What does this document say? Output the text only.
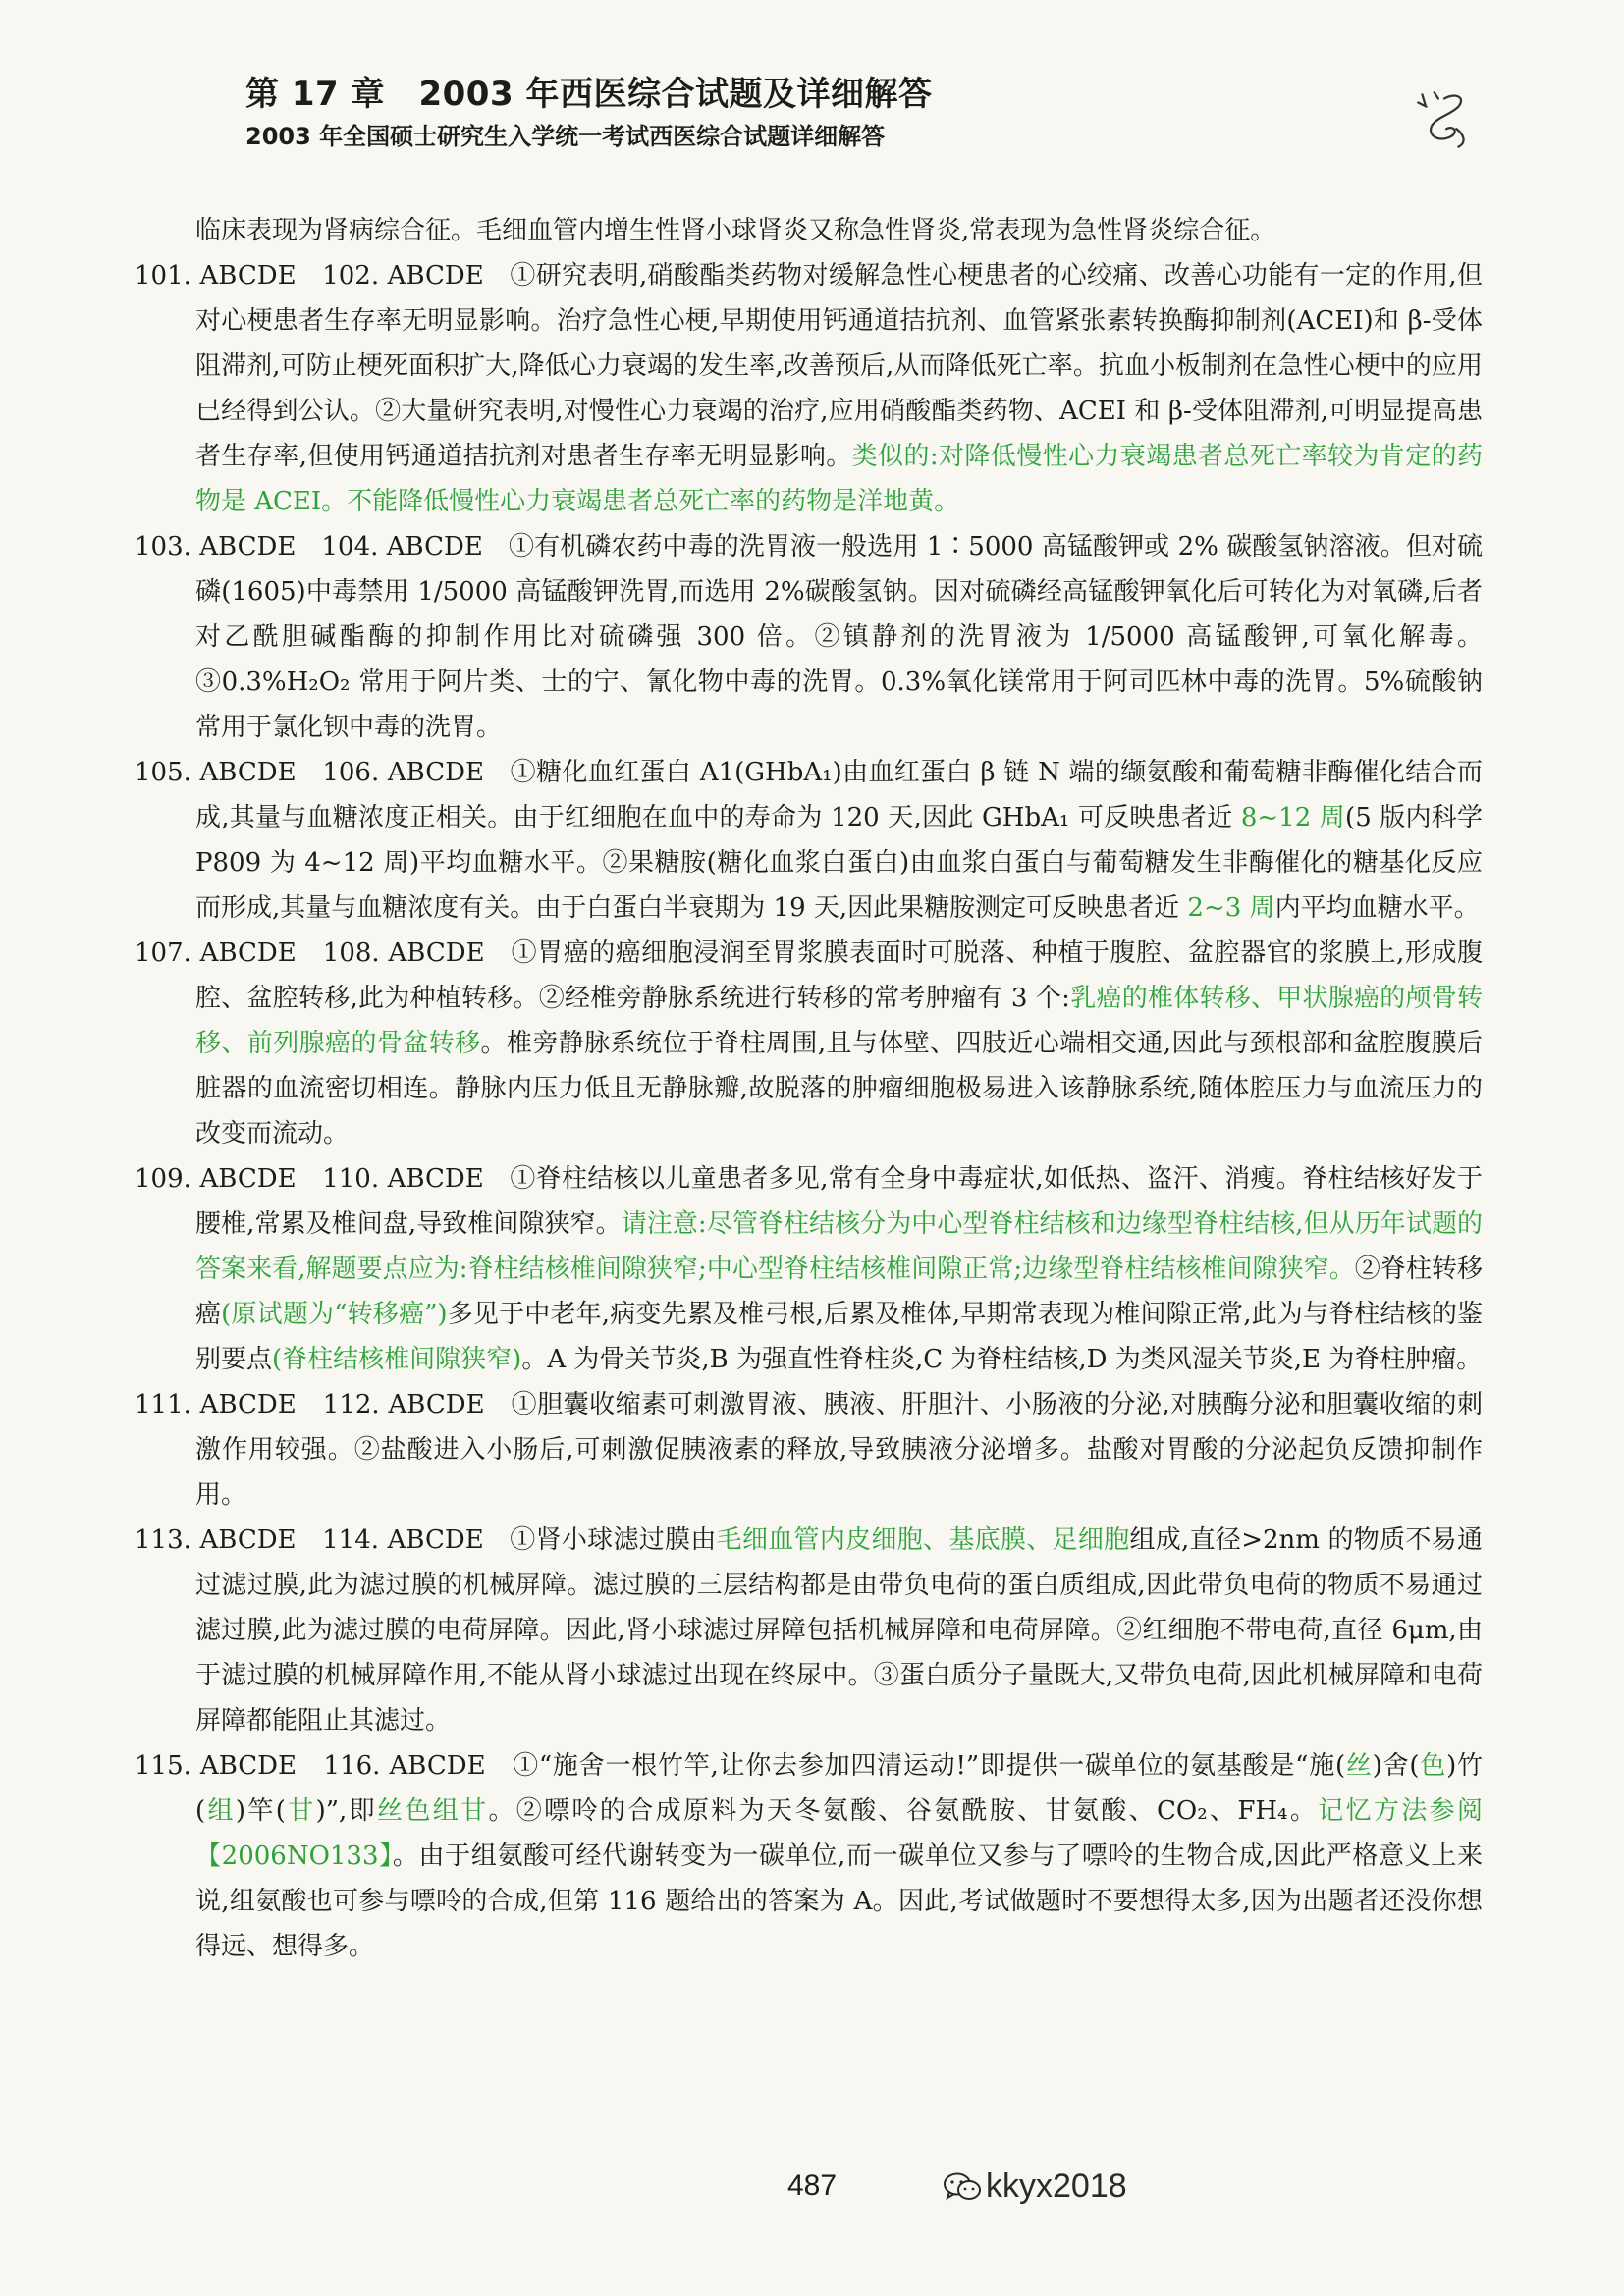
第 17 章　2003 年西医综合试题及详细解答
2003 年全国硕士研究生入学统一考试西医综合试题详细解答

临床表现为肾病综合征。毛细血管内增生性肾小球肾炎又称急性肾炎,常表现为急性肾炎综合征。

101. ABCDE　102. ABCDE　①研究表明,硝酸酯类药物对缓解急性心梗患者的心绞痛、改善心功能有一定的作用,但对心梗患者生存率无明显影响。治疗急性心梗,早期使用钙通道拮抗剂、血管紧张素转换酶抑制剂(ACEI)和 β-受体阻滞剂,可防止梗死面积扩大,降低心力衰竭的发生率,改善预后,从而降低死亡率。抗血小板制剂在急性心梗中的应用已经得到公认。②大量研究表明,对慢性心力衰竭的治疗,应用硝酸酯类药物、ACEI 和 β-受体阻滞剂,可明显提高患者生存率,但使用钙通道拮抗剂对患者生存率无明显影响。类似的:对降低慢性心力衰竭患者总死亡率较为肯定的药物是 ACEI。不能降低慢性心力衰竭患者总死亡率的药物是洋地黄。

103. ABCDE　104. ABCDE　①有机磷农药中毒的洗胃液一般选用 1∶5000 高锰酸钾或 2% 碳酸氢钠溶液。但对硫磷(1605)中毒禁用 1/5000 高锰酸钾洗胃,而选用 2%碳酸氢钠。因对硫磷经高锰酸钾氧化后可转化为对氧磷,后者对乙酰胆碱酯酶的抑制作用比对硫磷强 300 倍。②镇静剂的洗胃液为 1/5000 高锰酸钾,可氧化解毒。③0.3%H₂O₂ 常用于阿片类、士的宁、氰化物中毒的洗胃。0.3%氧化镁常用于阿司匹林中毒的洗胃。5%硫酸钠常用于氯化钡中毒的洗胃。

105. ABCDE　106. ABCDE　①糖化血红蛋白 A1(GHbA₁)由血红蛋白 β 链 N 端的缬氨酸和葡萄糖非酶催化结合而成,其量与血糖浓度正相关。由于红细胞在血中的寿命为 120 天,因此 GHbA₁ 可反映患者近 8~12 周(5 版内科学 P809 为 4~12 周)平均血糖水平。②果糖胺(糖化血浆白蛋白)由血浆白蛋白与葡萄糖发生非酶催化的糖基化反应而形成,其量与血糖浓度有关。由于白蛋白半衰期为 19 天,因此果糖胺测定可反映患者近 2~3 周内平均血糖水平。

107. ABCDE　108. ABCDE　①胃癌的癌细胞浸润至胃浆膜表面时可脱落、种植于腹腔、盆腔器官的浆膜上,形成腹腔、盆腔转移,此为种植转移。②经椎旁静脉系统进行转移的常考肿瘤有 3 个:乳癌的椎体转移、甲状腺癌的颅骨转移、前列腺癌的骨盆转移。椎旁静脉系统位于脊柱周围,且与体壁、四肢近心端相交通,因此与颈根部和盆腔腹膜后脏器的血流密切相连。静脉内压力低且无静脉瓣,故脱落的肿瘤细胞极易进入该静脉系统,随体腔压力与血流压力的改变而流动。

109. ABCDE　110. ABCDE　①脊柱结核以儿童患者多见,常有全身中毒症状,如低热、盗汗、消瘦。脊柱结核好发于腰椎,常累及椎间盘,导致椎间隙狭窄。请注意:尽管脊柱结核分为中心型脊柱结核和边缘型脊柱结核,但从历年试题的答案来看,解题要点应为:脊柱结核椎间隙狭窄;中心型脊柱结核椎间隙正常;边缘型脊柱结核椎间隙狭窄。②脊柱转移癌(原试题为“转移癌”)多见于中老年,病变先累及椎弓根,后累及椎体,早期常表现为椎间隙正常,此为与脊柱结核的鉴别要点(脊柱结核椎间隙狭窄)。A 为骨关节炎,B 为强直性脊柱炎,C 为脊柱结核,D 为类风湿关节炎,E 为脊柱肿瘤。

111. ABCDE　112. ABCDE　①胆囊收缩素可刺激胃液、胰液、肝胆汁、小肠液的分泌,对胰酶分泌和胆囊收缩的刺激作用较强。②盐酸进入小肠后,可刺激促胰液素的释放,导致胰液分泌增多。盐酸对胃酸的分泌起负反馈抑制作用。

113. ABCDE　114. ABCDE　①肾小球滤过膜由毛细血管内皮细胞、基底膜、足细胞组成,直径>2nm 的物质不易通过滤过膜,此为滤过膜的机械屏障。滤过膜的三层结构都是由带负电荷的蛋白质组成,因此带负电荷的物质不易通过滤过膜,此为滤过膜的电荷屏障。因此,肾小球滤过屏障包括机械屏障和电荷屏障。②红细胞不带电荷,直径 6μm,由于滤过膜的机械屏障作用,不能从肾小球滤过出现在终尿中。③蛋白质分子量既大,又带负电荷,因此机械屏障和电荷屏障都能阻止其滤过。

115. ABCDE　116. ABCDE　①“施舍一根竹竿,让你去参加四清运动!”即提供一碳单位的氨基酸是“施(丝)舍(色)竹(组)竿(甘)”,即丝色组甘。②嘌呤的合成原料为天冬氨酸、谷氨酰胺、甘氨酸、CO₂、FH₄。记忆方法参阅【2006NO133】。由于组氨酸可经代谢转变为一碳单位,而一碳单位又参与了嘌呤的生物合成,因此严格意义上来说,组氨酸也可参与嘌呤的合成,但第 116 题给出的答案为 A。因此,考试做题时不要想得太多,因为出题者还没你想得远、想得多。

487	kkyx2018
